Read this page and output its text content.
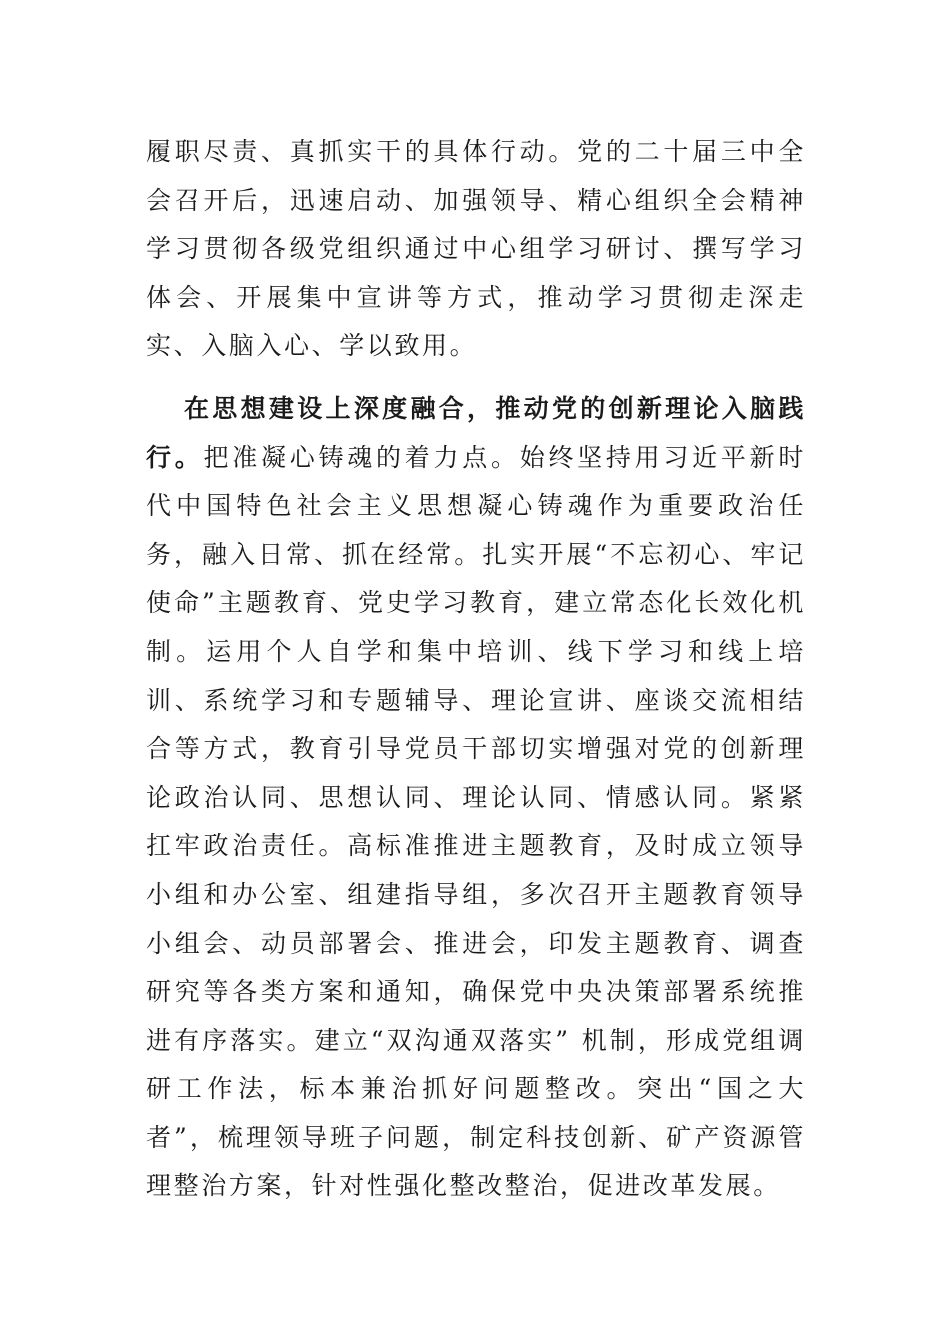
履职尽责、真抓实干的具体行动。党的二十届三中全会召开后，迅速启动、加强领导、精心组织全会精神学习贯彻各级党组织通过中心组学习研讨、撰写学习体会、开展集中宣讲等方式，推动学习贯彻走深走实、入脑入心、学以致用。

在思想建设上深度融合，推动党的创新理论入脑践行。把准凝心铸魂的着力点。始终坚持用习近平新时代中国特色社会主义思想凝心铸魂作为重要政治任务，融入日常、抓在经常。扎实开展“不忘初心、牢记使命”主题教育、党史学习教育，建立常态化长效化机制。运用个人自学和集中培训、线下学习和线上培训、系统学习和专题辅导、理论宣讲、座谈交流相结合等方式，教育引导党员干部切实增强对党的创新理论政治认同、思想认同、理论认同、情感认同。紧紧扛牢政治责任。高标准推进主题教育，及时成立领导小组和办公室、组建指导组，多次召开主题教育领导小组会、动员部署会、推进会，印发主题教育、调查研究等各类方案和通知，确保党中央决策部署系统推进有序落实。建立“双沟通双落实” 机制，形成党组调研工作法，标本兼治抓好问题整改。突出“国之大者”，梳理领导班子问题，制定科技创新、矿产资源管理整治方案，针对性强化整改整治，促进改革发展。
